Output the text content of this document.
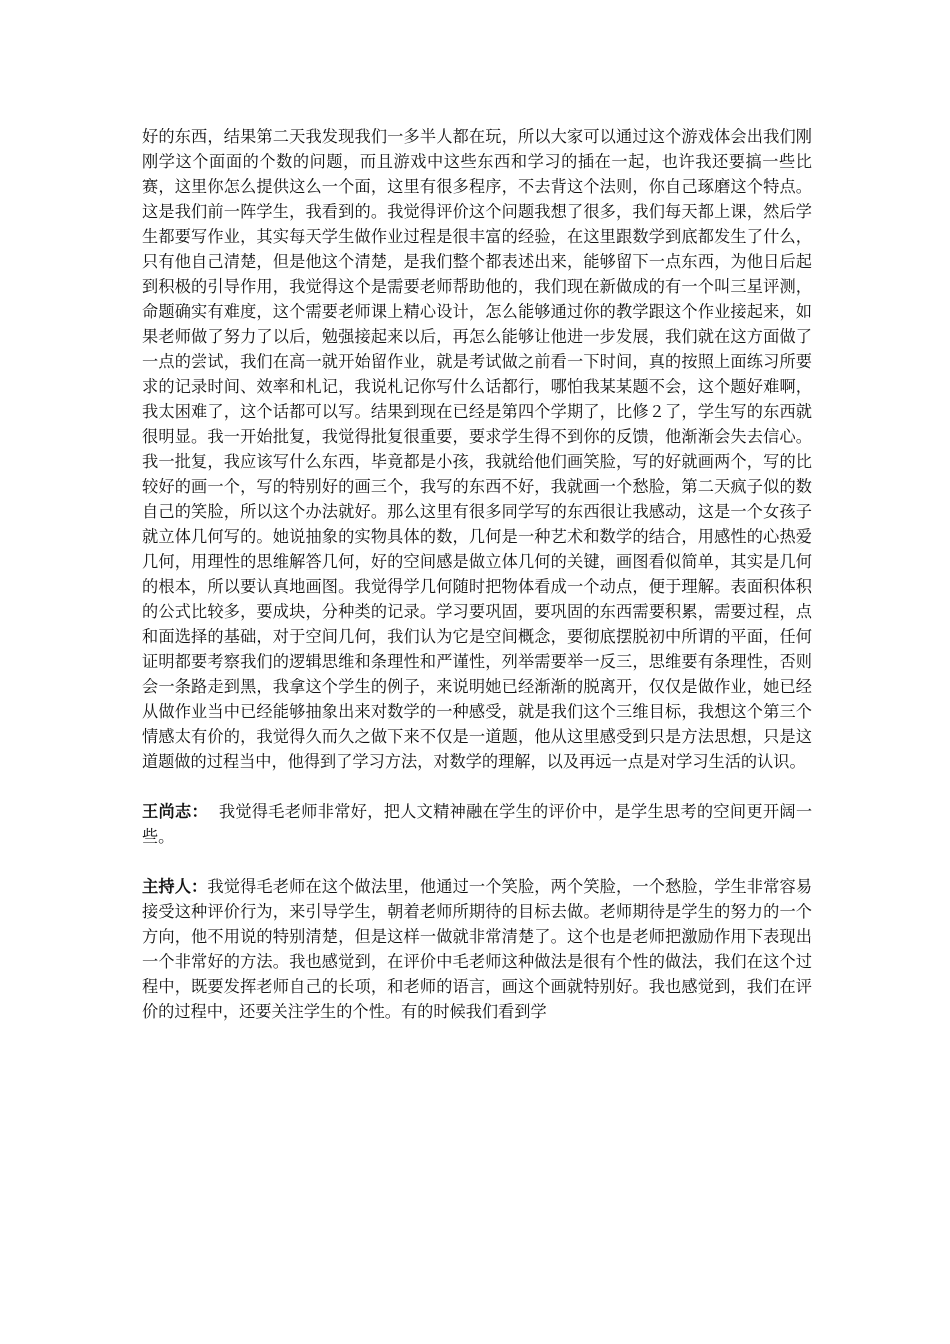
好的东西，结果第二天我发现我们一多半人都在玩，所以大家可以通过这个游戏体会出我们刚刚学这个面面的个数的问题，而且游戏中这些东西和学习的插在一起，也许我还要搞一些比赛，这里你怎么提供这么一个面，这里有很多程序，不去背这个法则，你自己琢磨这个特点。这是我们前一阵学生，我看到的。我觉得评价这个问题我想了很多，我们每天都上课，然后学生都要写作业，其实每天学生做作业过程是很丰富的经验，在这里跟数学到底都发生了什么，只有他自己清楚，但是他这个清楚，是我们整个都表述出来，能够留下一点东西，为他日后起到积极的引导作用，我觉得这个是需要老师帮助他的，我们现在新做成的有一个叫三星评测，命题确实有难度，这个需要老师课上精心设计，怎么能够通过你的教学跟这个作业接起来，如果老师做了努力了以后，勉强接起来以后，再怎么能够让他进一步发展，我们就在这方面做了一点的尝试，我们在高一就开始留作业，就是考试做之前看一下时间，真的按照上面练习所要求的记录时间、效率和札记，我说札记你写什么话都行，哪怕我某某题不会，这个题好难啊，我太困难了，这个话都可以写。结果到现在已经是第四个学期了，比修２了，学生写的东西就很明显。我一开始批复，我觉得批复很重要，要求学生得不到你的反馈，他渐渐会失去信心。我一批复，我应该写什么东西，毕竟都是小孩，我就给他们画笑脸，写的好就画两个，写的比较好的画一个，写的特别好的画三个，我写的东西不好，我就画一个愁脸，第二天疯子似的数自己的笑脸，所以这个办法就好。那么这里有很多同学写的东西很让我感动，这是一个女孩子就立体几何写的。她说抽象的实物具体的数，几何是一种艺术和数学的结合，用感性的心热爱几何，用理性的思维解答几何，好的空间感是做立体几何的关键，画图看似简单，其实是几何的根本，所以要认真地画图。我觉得学几何随时把物体看成一个动点，便于理解。表面积体积的公式比较多，要成块，分种类的记录。学习要巩固，要巩固的东西需要积累，需要过程，点和面选择的基础，对于空间几何，我们认为它是空间概念，要彻底摆脱初中所谓的平面，任何证明都要考察我们的逻辑思维和条理性和严谨性，列举需要举一反三，思维要有条理性，否则会一条路走到黑，我拿这个学生的例子，来说明她已经渐渐的脱离开，仅仅是做作业，她已经从做作业当中已经能够抽象出来对数学的一种感受，就是我们这个三维目标，我想这个第三个情感太有价的，我觉得久而久之做下来不仅是一道题，他从这里感受到只是方法思想，只是这道题做的过程当中，他得到了学习方法，对数学的理解，以及再远一点是对学习生活的认识。

王尚志：  我觉得毛老师非常好，把人文精神融在学生的评价中，是学生思考的空间更开阔一些。

主持人：我觉得毛老师在这个做法里，他通过一个笑脸，两个笑脸，一个愁脸，学生非常容易接受这种评价行为，来引导学生，朝着老师所期待的目标去做。老师期待是学生的努力的一个方向，他不用说的特别清楚，但是这样一做就非常清楚了。这个也是老师把激励作用下表现出一个非常好的方法。我也感觉到，在评价中毛老师这种做法是很有个性的做法，我们在这个过程中，既要发挥老师自己的长项，和老师的语言，画这个画就特别好。我也感觉到，我们在评价的过程中，还要关注学生的个性。有的时候我们看到学
